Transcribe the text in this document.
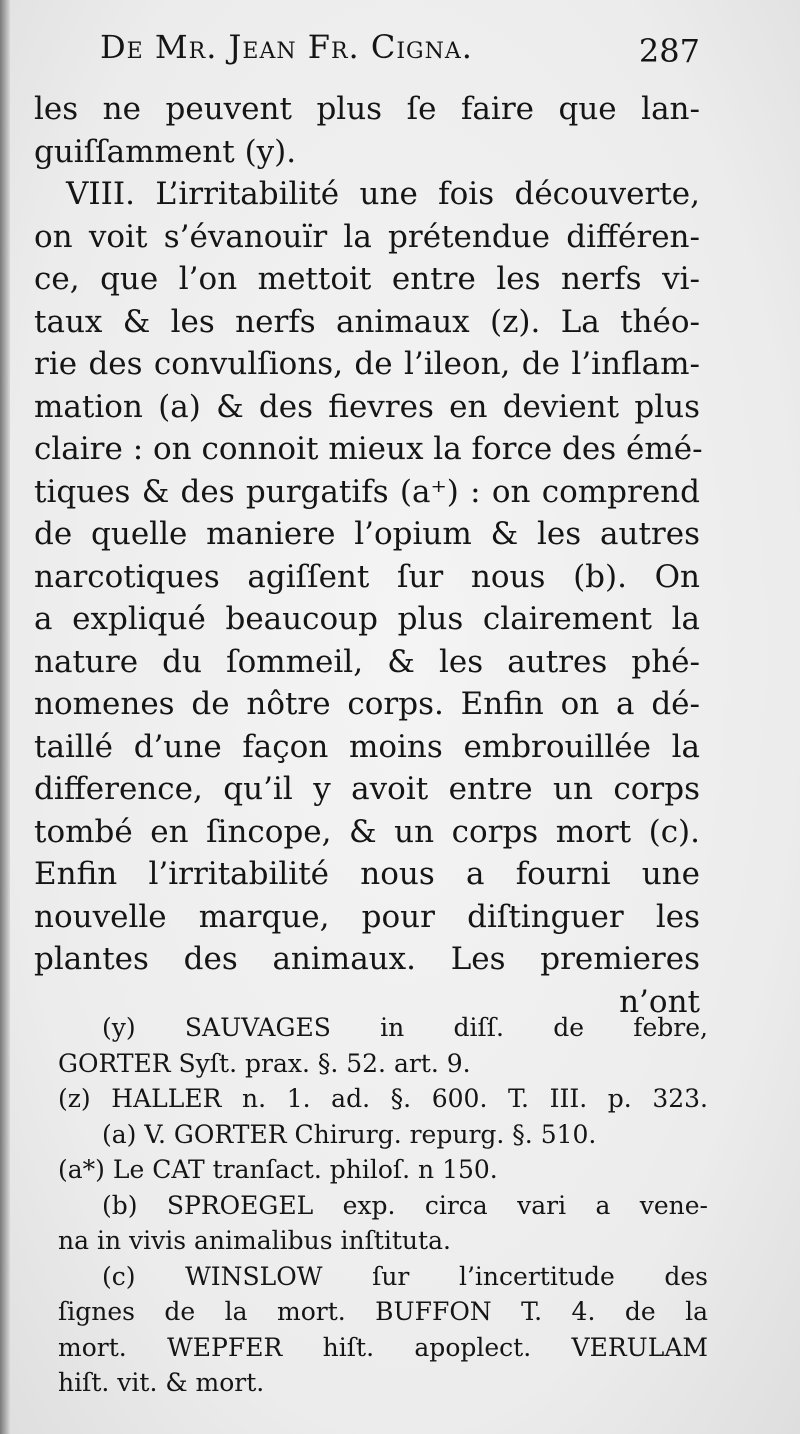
De Mr. Jean Fr. Cigna.	287
les ne peuvent plus ſe faire que lan-
guiſſamment (y).
VIII. L’irritabilité une fois découverte,
on voit s’évanouïr la prétendue différen-
ce, que l’on mettoit entre les nerfs vi-
taux & les nerfs animaux (z). La théo-
rie des convulſions, de l’ileon, de l’inflam-
mation (a) & des fievres en devient plus
claire : on connoit mieux la force des émé-
tiques & des purgatifs (a⁺) : on comprend
de quelle maniere l’opium & les autres
narcotiques agiſſent ſur nous (b). On
a expliqué beaucoup plus clairement la
nature du ſommeil, & les autres phé-
nomenes de nôtre corps. Enfin on a dé-
taillé d’une façon moins embrouillée la
difference, qu’il y avoit entre un corps
tombé en ſincope, & un corps mort (c).
Enfin l’irritabilité nous a fourni une
nouvelle marque, pour diſtinguer les
plantes des animaux. Les premieres
n’ont
(y) SAUVAGES in diſſ. de febre,
GORTER Syſt. prax. §. 52. art. 9.
(z) HALLER n. 1. ad. §. 600. T. III. p. 323.
(a) V. GORTER Chirurg. repurg. §. 510.
(a*) Le CAT tranſact. philoſ. n 150.
(b) SPROEGEL exp. circa vari a vene-
na in vivis animalibus inſtituta.
(c) WINSLOW ſur l’incertitude des
ſignes de la mort. BUFFON T. 4. de la
mort. WEPFER hiſt. apoplect. VERULAM
hiſt. vit. & mort.
